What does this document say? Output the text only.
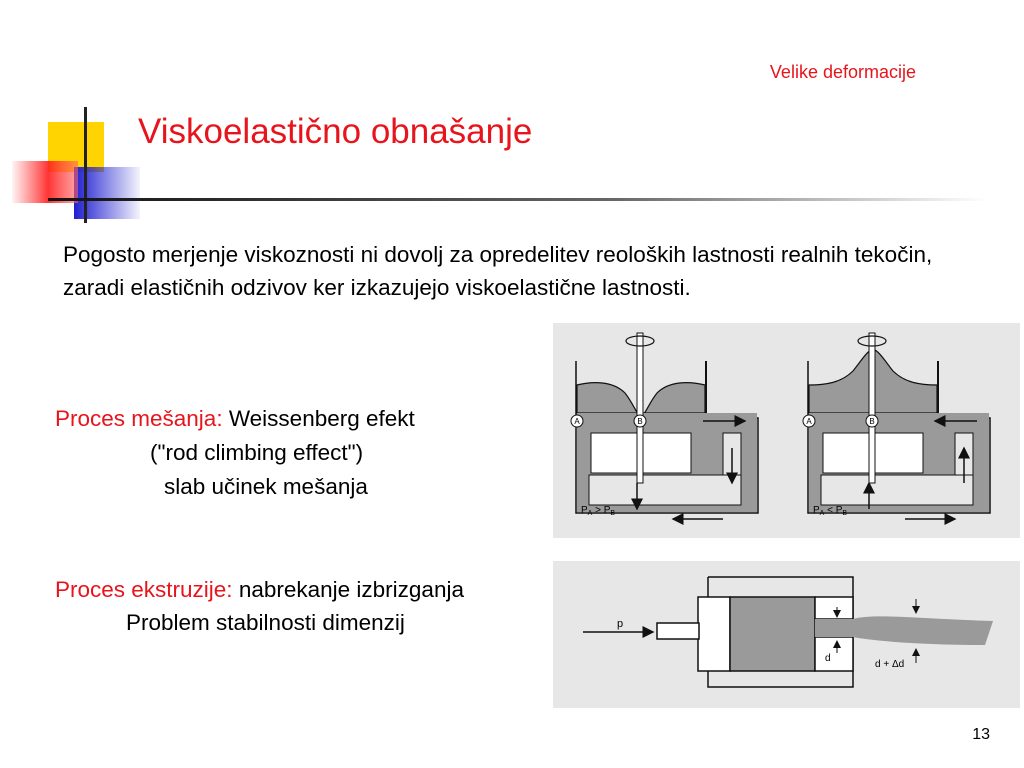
Velike deformacije
Viskoelastično obnašanje
Pogosto merjenje viskoznosti ni dovolj za opredelitev reoloških lastnosti realnih tekočin, zaradi elastičnih odzivov ker izkazujejo viskoelastične lastnosti.
Proces mešanja: Weissenberg efekt
("rod climbing effect")
slab učinek mešanja
Proces ekstruzije: nabrekanje izbrizganja
Problem stabilnosti dimenzij
A	B
$P_A > P_B$
A	B
$P_A < P_B$
p
d
d + Δd
13
